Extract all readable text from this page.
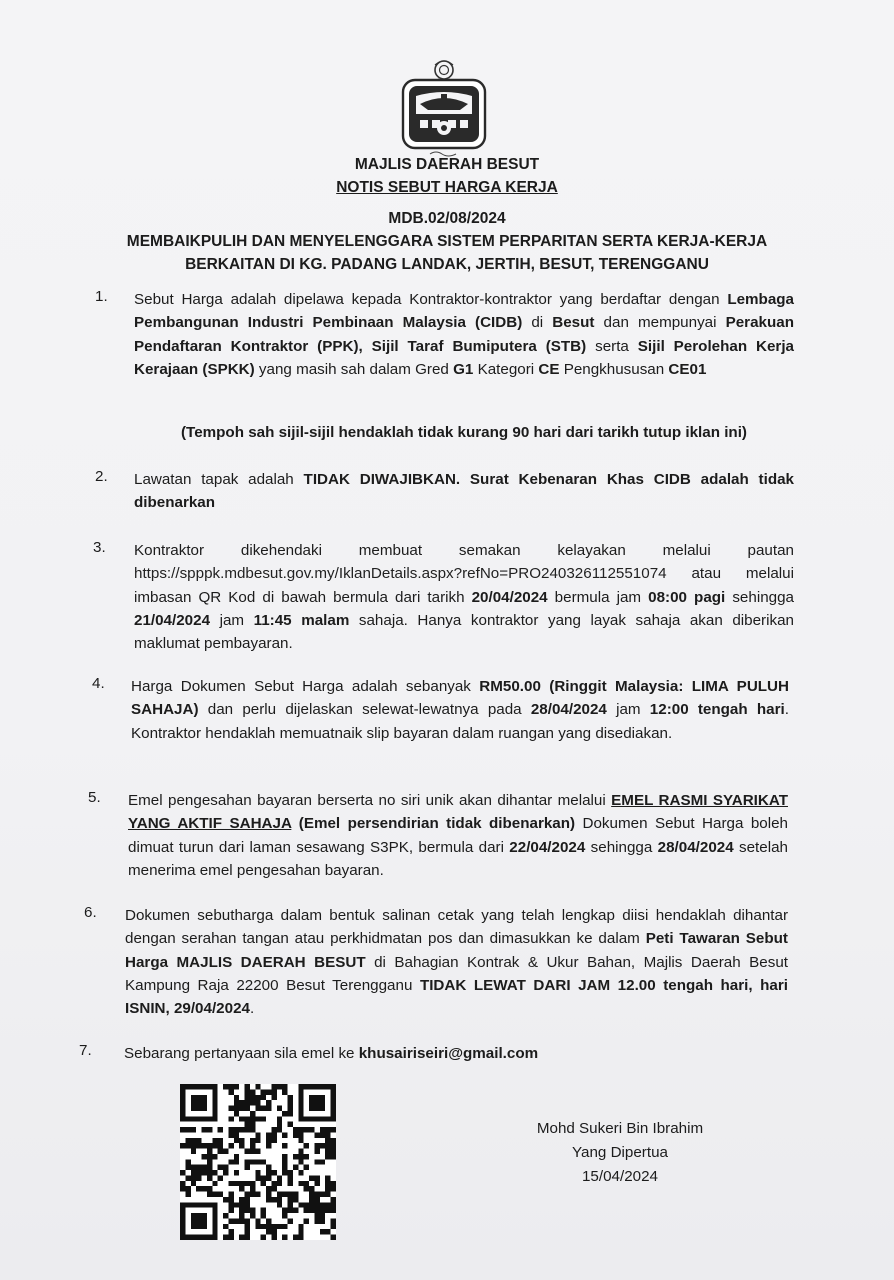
MAJLIS DAERAH BESUT
NOTIS SEBUT HARGA KERJA
MDB.02/08/2024
MEMBAIKPULIH DAN MENYELENGGARA SISTEM PERPARITAN SERTA KERJA-KERJA
BERKAITAN DI KG. PADANG LANDAK, JERTIH, BESUT, TERENGGANU
1. Sebut Harga adalah dipelawa kepada Kontraktor-kontraktor yang berdaftar dengan Lembaga Pembangunan Industri Pembinaan Malaysia (CIDB) di Besut dan mempunyai Perakuan Pendaftaran Kontraktor (PPK), Sijil Taraf Bumiputera (STB) serta Sijil Perolehan Kerja Kerajaan (SPKK) yang masih sah dalam Gred G1 Kategori CE Pengkhususan CE01

(Tempoh sah sijil-sijil hendaklah tidak kurang 90 hari dari tarikh tutup iklan ini)
2. Lawatan tapak adalah TIDAK DIWAJIBKAN. Surat Kebenaran Khas CIDB adalah tidak dibenarkan

3. Kontraktor dikehendaki membuat semakan kelayakan melalui pautan https://spppk.mdbesut.gov.my/IklanDetails.aspx?refNo=PRO240326112551074 atau melalui imbasan QR Kod di bawah bermula dari tarikh 20/04/2024 bermula jam 08:00 pagi sehingga 21/04/2024 jam 11:45 malam sahaja. Hanya kontraktor yang layak sahaja akan diberikan maklumat pembayaran.

4. Harga Dokumen Sebut Harga adalah sebanyak RM50.00 (Ringgit Malaysia: LIMA PULUH SAHAJA) dan perlu dijelaskan selewat-lewatnya pada 28/04/2024 jam 12:00 tengah hari. Kontraktor hendaklah memuatnaik slip bayaran dalam ruangan yang disediakan.

5. Emel pengesahan bayaran berserta no siri unik akan dihantar melalui EMEL RASMI SYARIKAT YANG AKTIF SAHAJA (Emel persendirian tidak dibenarkan) Dokumen Sebut Harga boleh dimuat turun dari laman sesawang S3PK, bermula dari 22/04/2024 sehingga 28/04/2024 setelah menerima emel pengesahan bayaran.

6. Dokumen sebutharga dalam bentuk salinan cetak yang telah lengkap diisi hendaklah dihantar dengan serahan tangan atau perkhidmatan pos dan dimasukkan ke dalam Peti Tawaran Sebut Harga MAJLIS DAERAH BESUT di Bahagian Kontrak & Ukur Bahan, Majlis Daerah Besut Kampung Raja 22200 Besut Terengganu TIDAK LEWAT DARI JAM 12.00 tengah hari, hari ISNIN, 29/04/2024.

7. Sebarang pertanyaan sila emel ke khusairiseiri@gmail.com

Mohd Sukeri Bin Ibrahim
Yang Dipertua
15/04/2024
